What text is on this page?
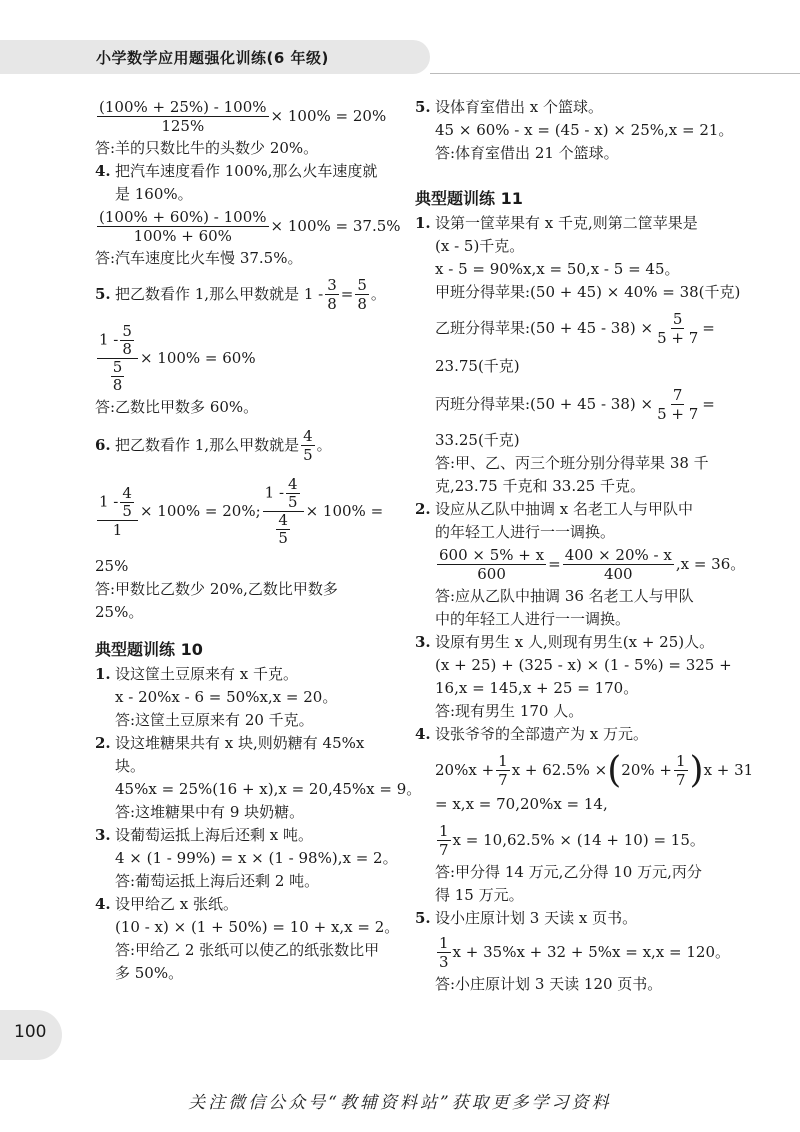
小学数学应用题强化训练(6 年级)
$\frac{(100\% + 25\%) - 100\%}{125\%} \times 100\% = 20\%$
答:羊的只数比牛的头数少 20%。
4. 把汽车速度看作 100%,那么火车速度就
是 160%。
$\frac{(100\% + 60\%) - 100\%}{100\% + 60\%} \times 100\% = 37.5\%$
答:汽车速度比火车慢 37.5%。
5. 把乙数看作 1,那么甲数就是 $1 - \frac{3}{8} = \frac{5}{8}$ 。
$\frac{1 - \frac{5}{8}}{\frac{5}{8}} \times 100\% = 60\%$
答:乙数比甲数多 60%。
6. 把乙数看作 1,那么甲数就是 $\frac{4}{5}$ 。
$\frac{1 - \frac{4}{5}}{1} \times 100\% = 20\%$; $\frac{1 - \frac{4}{5}}{\frac{4}{5}} \times 100\%$ =
25%
答:甲数比乙数少 20%,乙数比甲数多
25%。
典型题训练 10
1. 设这筐土豆原来有 x 千克。
x - 20%x - 6 = 50%x,x = 20。
答:这筐土豆原来有 20 千克。
2. 设这堆糖果共有 x 块,则奶糖有 45%x
块。
45%x = 25%(16 + x),x = 20,45%x = 9。
答:这堆糖果中有 9 块奶糖。
3. 设葡萄运抵上海后还剩 x 吨。
4 × (1 - 99%) = x × (1 - 98%),x = 2。
答:葡萄运抵上海后还剩 2 吨。
4. 设甲给乙 x 张纸。
(10 - x) × (1 + 50%) = 10 + x,x = 2。
答:甲给乙 2 张纸可以使乙的纸张数比甲
多 50%。
5. 设体育室借出 x 个篮球。
45 × 60% - x = (45 - x) × 25%,x = 21。
答:体育室借出 21 个篮球。
典型题训练 11
1. 设第一筐苹果有 x 千克,则第二筐苹果是
(x - 5)千克。
x - 5 = 90%x,x = 50,x - 5 = 45。
甲班分得苹果:(50 + 45) × 40% = 38(千克)
乙班分得苹果:(50 + $45 - 38) \times \frac{5}{5 + 7}$ =
23.75(千克)
丙班分得苹果:(50 + $45 - 38) \times \frac{7}{5 + 7}$ =
33.25(千克)
答:甲、乙、丙三个班分别分得苹果 38 千
克,23.75 千克和 33.25 千克。
2. 设应从乙队中抽调 x 名老工人与甲队中
的年轻工人进行一一调换。
$\frac{600 \times 5\% + x}{600} = \frac{400 \times 20\% - x}{400} ,x = 36$。
答:应从乙队中抽调 36 名老工人与甲队
中的年轻工人进行一一调换。
3. 设原有男生 x 人,则现有男生(x + 25)人。
(x + 25) + (325 - x) × (1 - 5%) = 325 +
16,x = 145,x + 25 = 170。
答:现有男生 170 人。
4. 设张爷爷的全部遗产为 x 万元。
$20\%x + \frac{1}{7}$ x + 62.5% × ( $20\% + \frac{1}{7}$ ) x + 31
= x,x = 70,20%x = 14,
$\frac{1}{7}$ x = 10,62.5% × (14 + 10) = 15。
答:甲分得 14 万元,乙分得 10 万元,丙分
得 15 万元。
5. 设小庄原计划 3 天读 x 页书。
$\frac{1}{3}$ x + 35%x + 32 + 5%x = x,x = 120。
答:小庄原计划 3 天读 120 页书。
100
关注微信公众号“教辅资料站”获取更多学习资料
